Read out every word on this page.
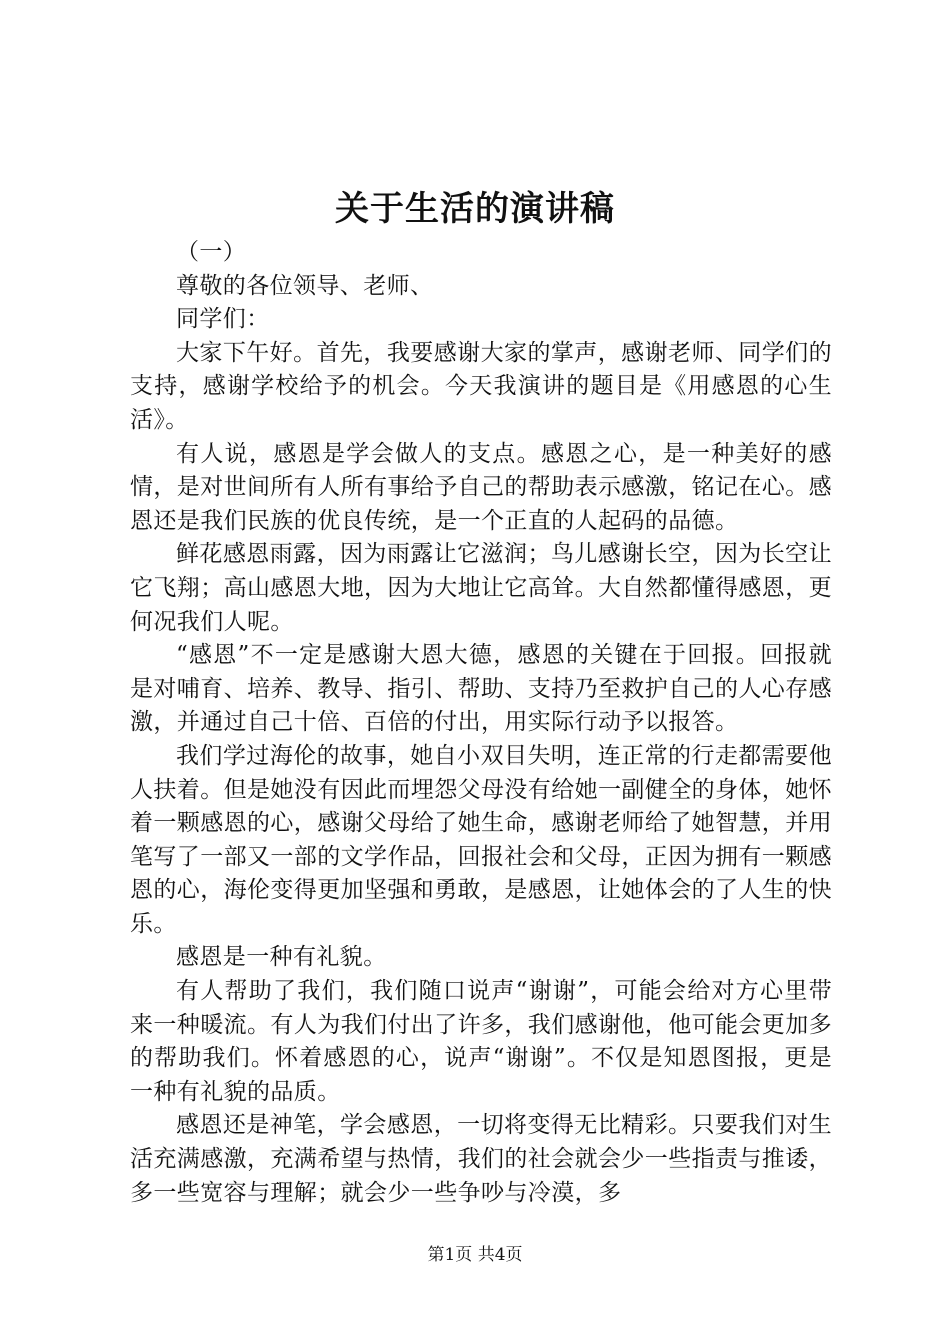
关于生活的演讲稿

（一）

尊敬的各位领导、老师、

同学们：

大家下午好。首先，我要感谢大家的掌声，感谢老师、同学们的支持，感谢学校给予的机会。今天我演讲的题目是《用感恩的心生活》。

有人说，感恩是学会做人的支点。感恩之心，是一种美好的感情，是对世间所有人所有事给予自己的帮助表示感激，铭记在心。感恩还是我们民族的优良传统，是一个正直的人起码的品德。

鲜花感恩雨露，因为雨露让它滋润；鸟儿感谢长空，因为长空让它飞翔；高山感恩大地，因为大地让它高耸。大自然都懂得感恩，更何况我们人呢。

“感恩”不一定是感谢大恩大德，感恩的关键在于回报。回报就是对哺育、培养、教导、指引、帮助、支持乃至救护自己的人心存感激，并通过自己十倍、百倍的付出，用实际行动予以报答。

我们学过海伦的故事，她自小双目失明，连正常的行走都需要他人扶着。但是她没有因此而埋怨父母没有给她一副健全的身体，她怀着一颗感恩的心，感谢父母给了她生命，感谢老师给了她智慧，并用笔写了一部又一部的文学作品，回报社会和父母，正因为拥有一颗感恩的心，海伦变得更加坚强和勇敢，是感恩，让她体会的了人生的快乐。

感恩是一种有礼貌。

有人帮助了我们，我们随口说声“谢谢”，可能会给对方心里带来一种暖流。有人为我们付出了许多，我们感谢他，他可能会更加多的帮助我们。怀着感恩的心，说声“谢谢”。不仅是知恩图报，更是一种有礼貌的品质。

感恩还是神笔，学会感恩，一切将变得无比精彩。只要我们对生活充满感激，充满希望与热情，我们的社会就会少一些指责与推诿，多一些宽容与理解；就会少一些争吵与冷漠，多

第1页 共4页
